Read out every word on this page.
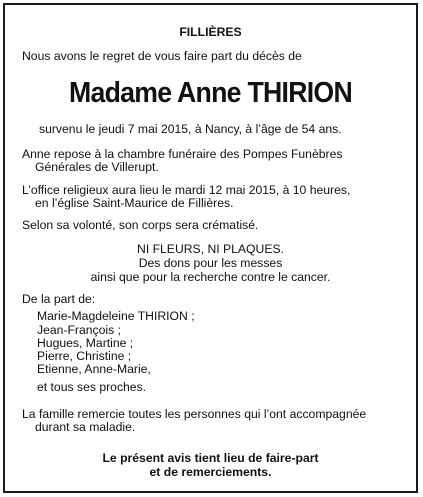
FILLIÈRES
Nous avons le regret de vous faire part du décès de
Madame Anne THIRION
survenu le jeudi 7 mai 2015, à Nancy, à l’âge de 54 ans.
Anne repose à la chambre funéraire des Pompes Funèbres
Générales de Villerupt.
L’office religieux aura lieu le mardi 12 mai 2015, à 10 heures,
en l’église Saint-Maurice de Fillières.
Selon sa volonté, son corps sera crématisé.
NI FLEURS, NI PLAQUES.
Des dons pour les messes
ainsi que pour la recherche contre le cancer.
De la part de:
Marie-Magdeleine THIRION ;
Jean-François ;
Hugues, Martine ;
Pierre, Christine ;
Etienne, Anne-Marie,
et tous ses proches.
La famille remercie toutes les personnes qui l’ont accompagnée
durant sa maladie.
Le présent avis tient lieu de faire-part
et de remerciements.
